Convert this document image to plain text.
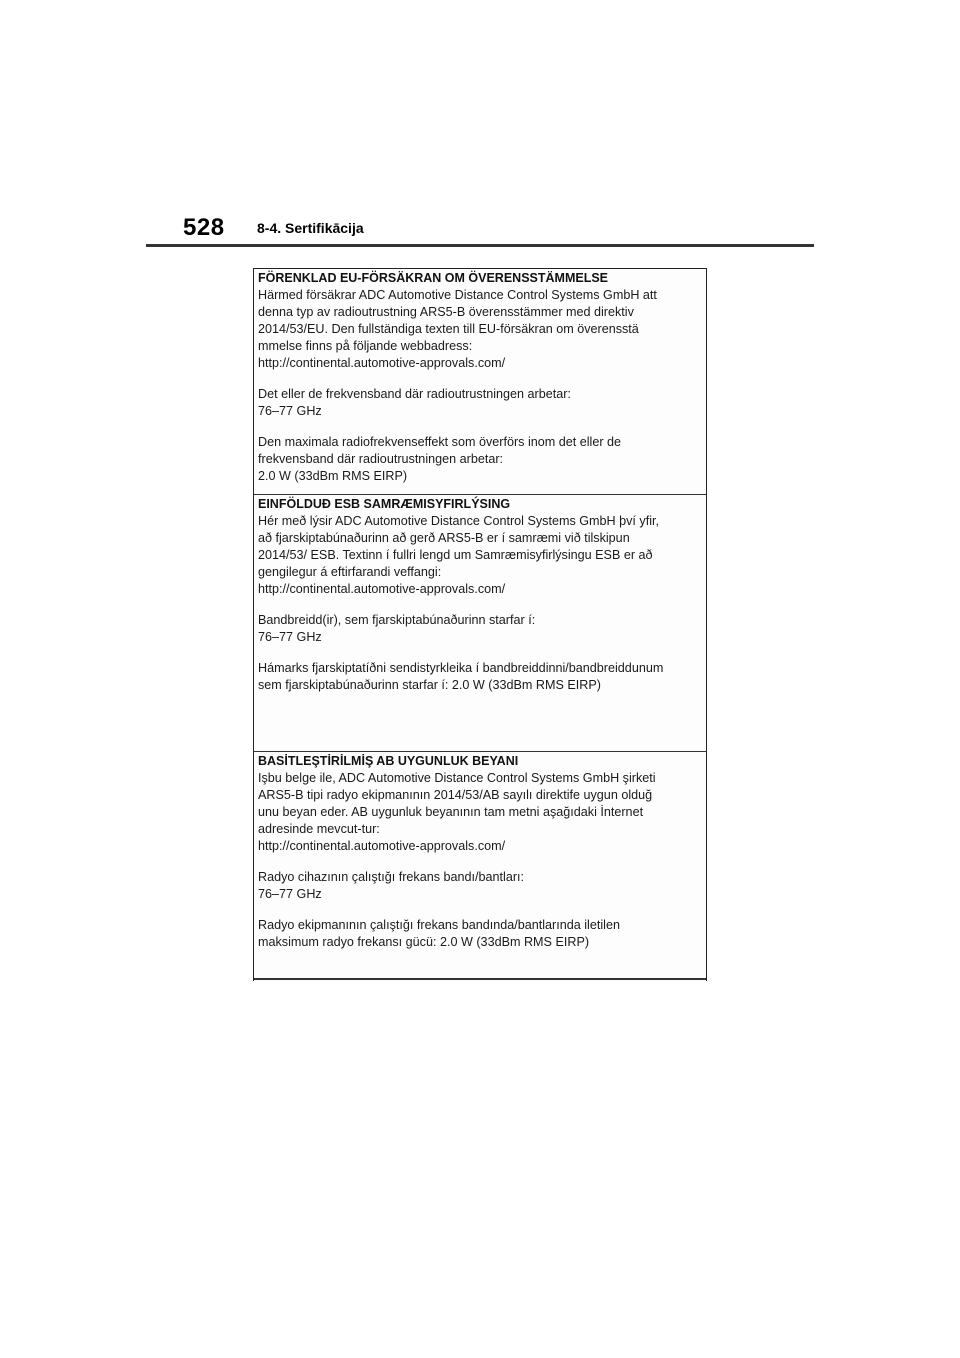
528 8-4. Sertifikācija
FÖRENKLAD EU-FÖRSÄKRAN OM ÖVERENSSTÄMMELSE
Härmed försäkrar ADC Automotive Distance Control Systems GmbH att
denna typ av radioutrustning ARS5-B överensstämmer med direktiv
2014/53/EU. Den fullständiga texten till EU-försäkran om överensstä
mmelse finns på följande webbadress:
http://continental.automotive-approvals.com/
Det eller de frekvensband där radioutrustningen arbetar:
76–77 GHz
Den maximala radiofrekvenseffekt som överförs inom det eller de
frekvensband där radioutrustningen arbetar:
2.0 W (33dBm RMS EIRP)
EINFÖLDUÐ ESB SAMRÆMISYFIRLÝSING
Hér með lýsir ADC Automotive Distance Control Systems GmbH því yfir,
að fjarskiptabúnaðurinn að gerð ARS5-B er í samræmi við tilskipun
2014/53/ ESB. Textinn í fullri lengd um Samræmisyfirlýsingu ESB er að
gengilegur á eftirfarandi veffangi:
http://continental.automotive-approvals.com/
Bandbreidd(ir), sem fjarskiptabúnaðurinn starfar í:
76–77 GHz
Hámarks fjarskiptatíðni sendistyrkleika í bandbreiddinni/bandbreiddunum
sem fjarskiptabúnaðurinn starfar í: 2.0 W (33dBm RMS EIRP)
BASİTLEŞTİRİLMİŞ AB UYGUNLUK BEYANI
Işbu belge ile, ADC Automotive Distance Control Systems GmbH şirketi
ARS5-B tipi radyo ekipmanının 2014/53/AB sayılı direktife uygun olduğ
unu beyan eder. AB uygunluk beyanının tam metni aşağıdaki İnternet
adresinde mevcut-tur:
http://continental.automotive-approvals.com/
Radyo cihazının çalıştığı frekans bandı/bantları:
76–77 GHz
Radyo ekipmanının çalıştığı frekans bandında/bantlarında iletilen
maksimum radyo frekansı gücü: 2.0 W (33dBm RMS EIRP)
